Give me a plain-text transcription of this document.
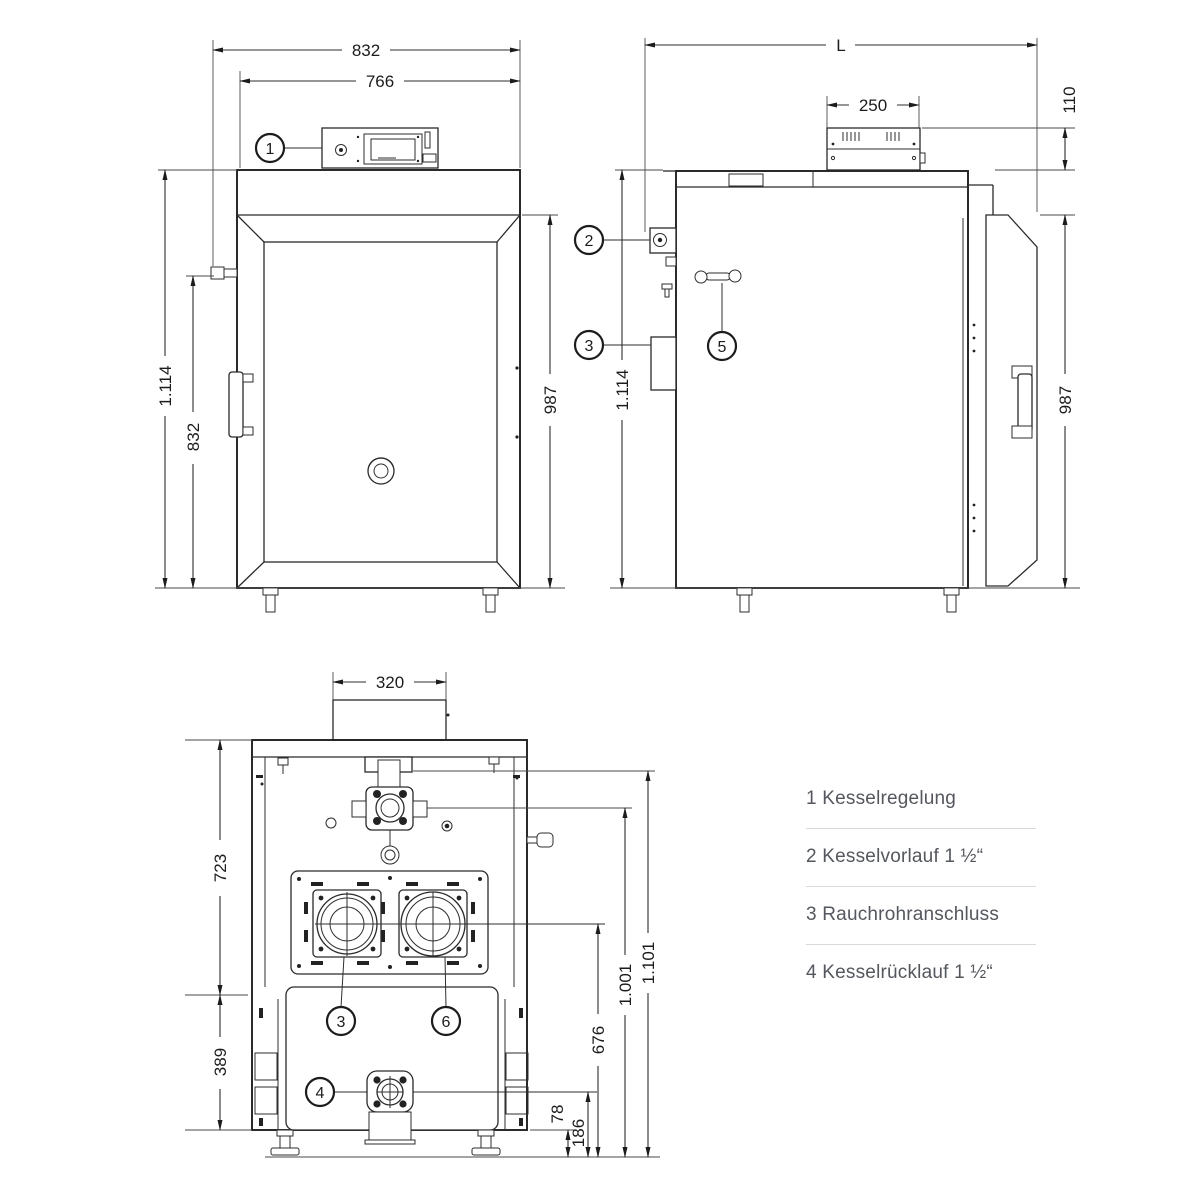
832
766
1.114
832
987
1
L
250	110
1.114	987
2
3	5
320
723
389
676
1.001
1.101
78
186
3	6
4
1 Kesselregelung
2 Kesselvorlauf 1 ½“
3 Rauchrohranschluss
4 Kesselrücklauf 1 ½“
